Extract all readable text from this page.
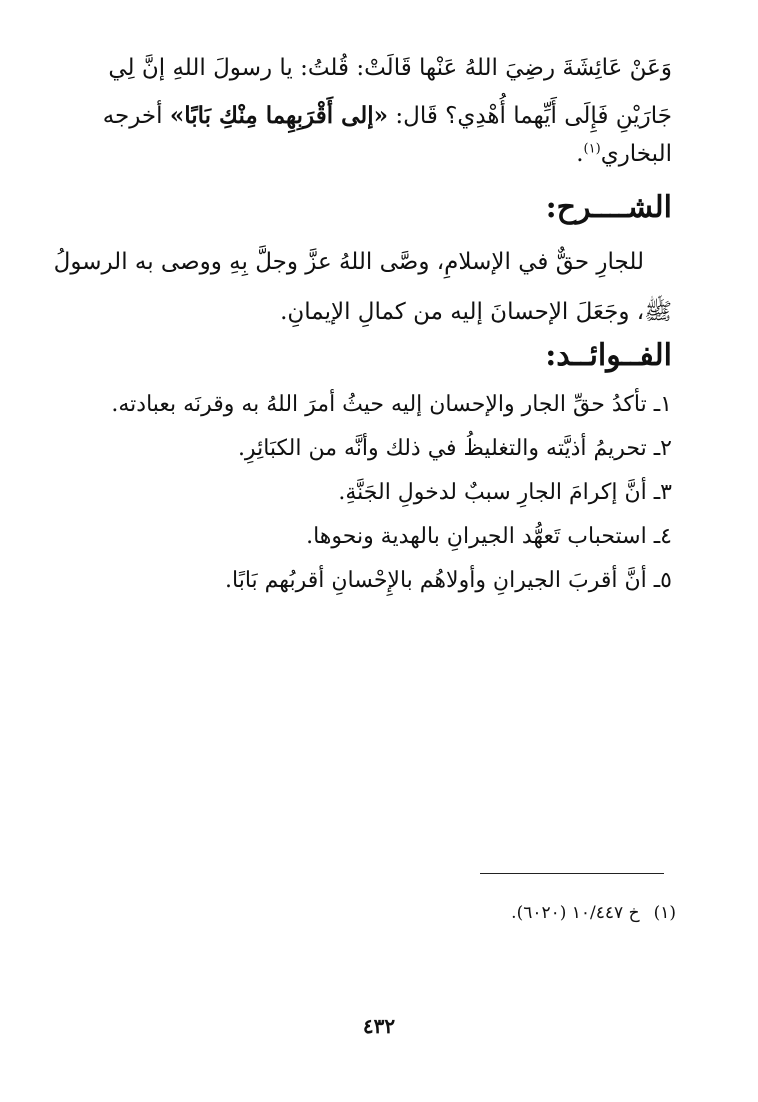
وَعَنْ عَائِشَةَ رضِيَ اللهُ عَنْها قَالَتْ: قُلتُ: يا رسولَ اللهِ إنَّ لِي
جَارَيْنِ فَإِلَى أَيِّهما أُهْدِي؟ قَال: «إلى أَقْرَبِهِما مِنْكِ بَابًا» أخرجه
البخاري$^{(١)}$.
الشــــرح:
للجارِ حقٌّ في الإسلامِ، وصَّى اللهُ عزَّ وجلَّ بِهِ ووصى به الرسولُ
ﷺ، وجَعَلَ الإحسانَ إليه من كمالِ الإيمانِ.
الفــوائــد:
١ـ تأكدُ حقِّ الجار والإحسان إليه حيثُ أمرَ اللهُ به وقرنَه بعبادته.
٢ـ تحريمُ أذيَّته والتغليظُ في ذلك وأنَّه من الكبَائِرِ.
٣ـ أنَّ إكرامَ الجارِ سببٌ لدخولِ الجَنَّةِ.
٤ـ استحباب تَعهُّد الجيرانِ بالهدية ونحوها.
٥ـ أنَّ أقربَ الجيرانِ وأولاهُم بالإِحْسانِ أقربُهم بَابًا.
(١)خ ١٠/٤٤٧ (٦٠٢٠).
٤٣٢
